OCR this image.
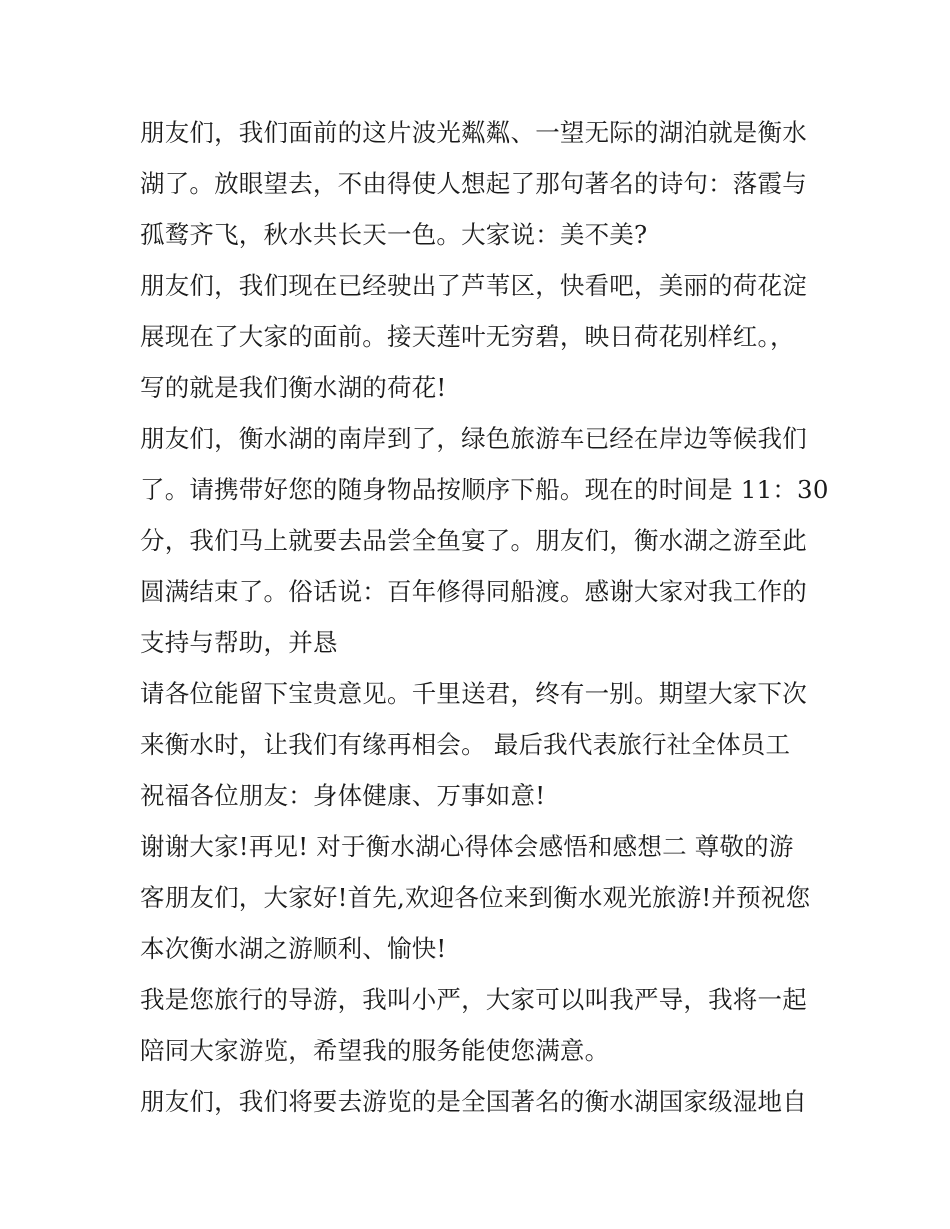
朋友们，我们面前的这片波光粼粼、一望无际的湖泊就是衡水
湖了。放眼望去，不由得使人想起了那句著名的诗句：落霞与
孤鹜齐飞，秋水共长天一色。大家说：美不美?
朋友们，我们现在已经驶出了芦苇区，快看吧，美丽的荷花淀
展现在了大家的面前。接天莲叶无穷碧，映日荷花别样红。，
写的就是我们衡水湖的荷花!
朋友们，衡水湖的南岸到了，绿色旅游车已经在岸边等候我们
了。请携带好您的随身物品按顺序下船。现在的时间是 11：30
分，我们马上就要去品尝全鱼宴了。朋友们，衡水湖之游至此
圆满结束了。俗话说：百年修得同船渡。感谢大家对我工作的
支持与帮助，并恳
请各位能留下宝贵意见。千里送君，终有一别。期望大家下次
来衡水时，让我们有缘再相会。 最后我代表旅行社全体员工
祝福各位朋友：身体健康、万事如意!
谢谢大家!再见! 对于衡水湖心得体会感悟和感想二 尊敬的游
客朋友们，大家好!首先,欢迎各位来到衡水观光旅游!并预祝您
本次衡水湖之游顺利、愉快!
我是您旅行的导游，我叫小严，大家可以叫我严导，我将一起
陪同大家游览，希望我的服务能使您满意。
朋友们，我们将要去游览的是全国著名的衡水湖国家级湿地自
